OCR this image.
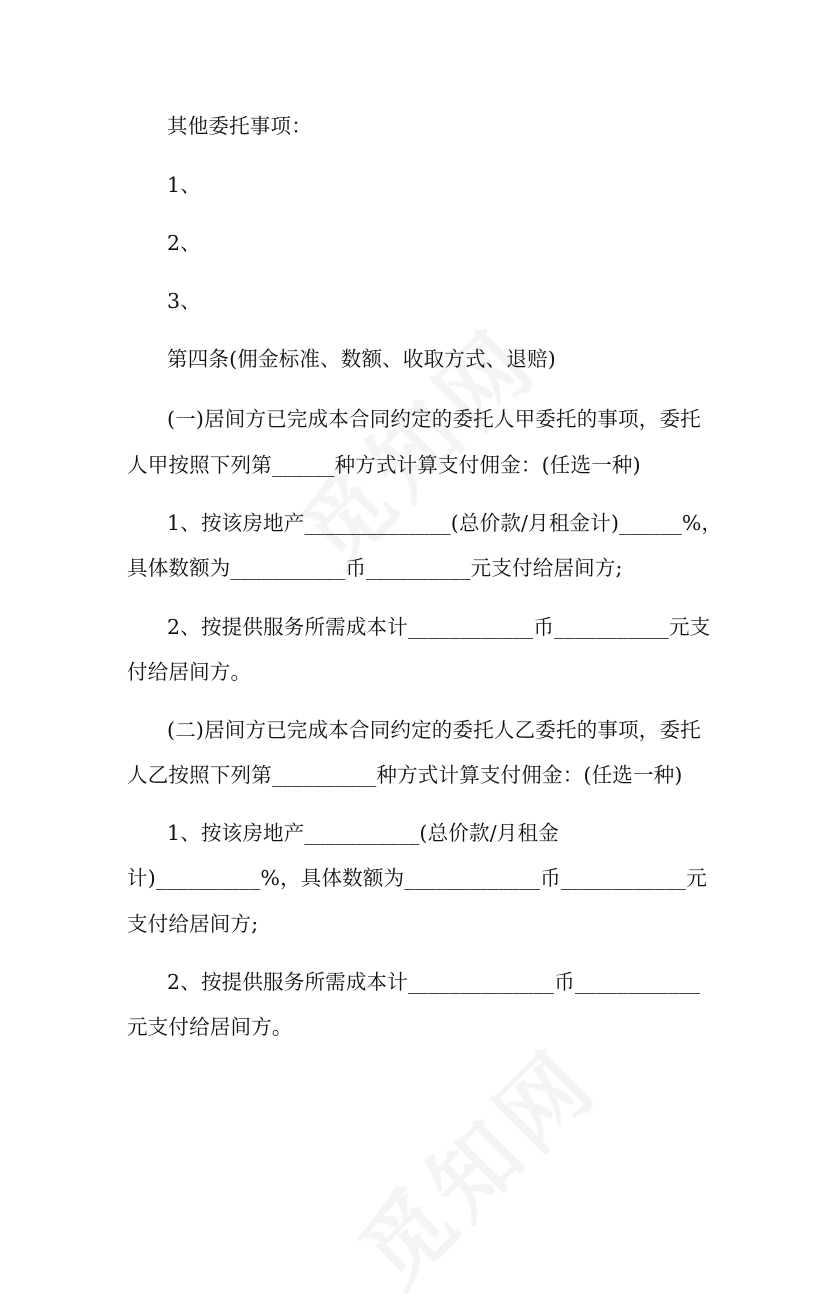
其他委托事项：
1、
2、
3、
第四条(佣金标准、数额、收取方式、退赔)
(一)居间方已完成本合同约定的委托人甲委托的事项，委托
人甲按照下列第______种方式计算支付佣金：(任选一种)
1、按该房地产______________(总价款/月租金计)______%，
具体数额为___________币__________元支付给居间方;
2、按提供服务所需成本计____________币___________元支
付给居间方。
(二)居间方已完成本合同约定的委托人乙委托的事项，委托
人乙按照下列第__________种方式计算支付佣金：(任选一种)
1、按该房地产___________(总价款/月租金
计)__________%，具体数额为_____________币____________元
支付给居间方;
2、按提供服务所需成本计______________币____________
元支付给居间方。
